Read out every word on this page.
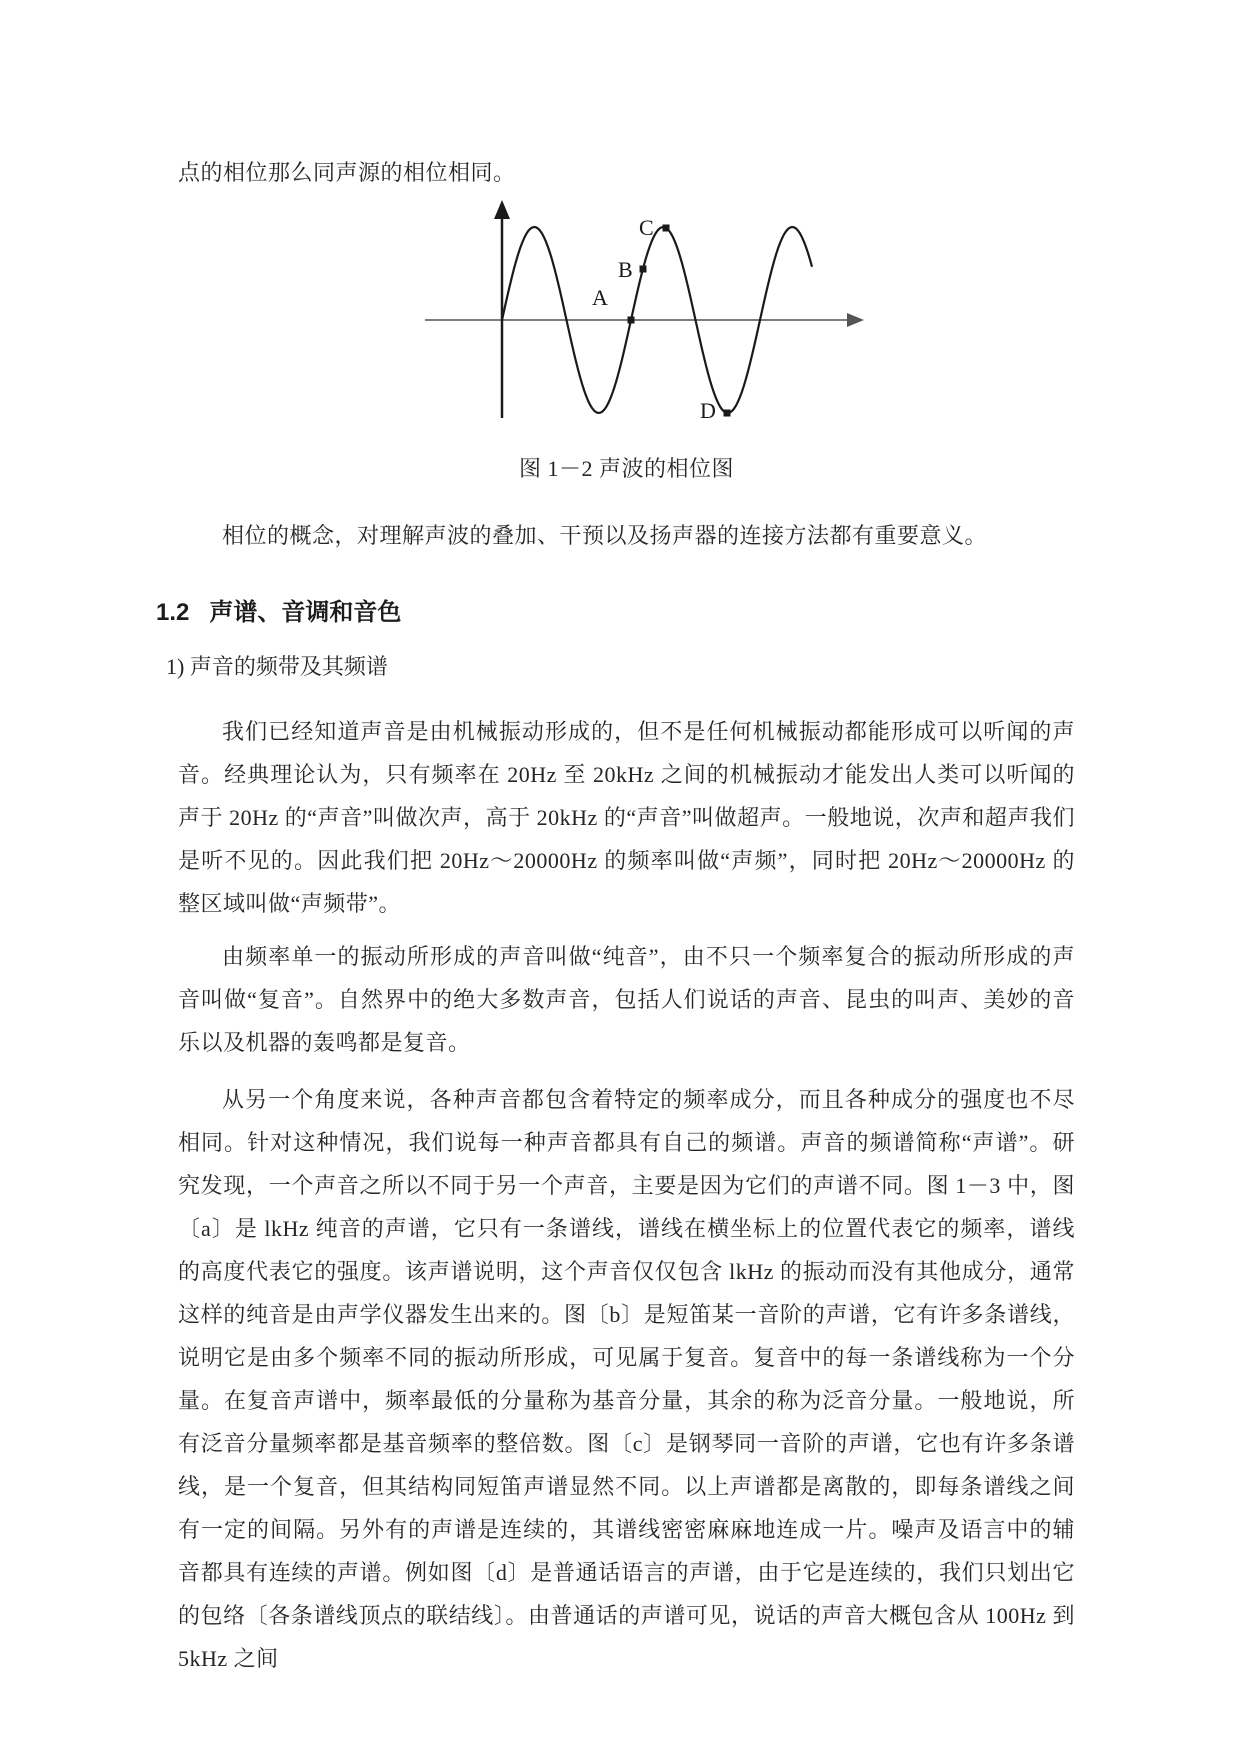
点的相位那么同声源的相位相同。
A
B
C
D
图 1－2 声波的相位图
相位的概念，对理解声波的叠加、干预以及扬声器的连接方法都有重要意义。
1.2 声谱、音调和音色
1) 声音的频带及其频谱
我们已经知道声音是由机械振动形成的，但不是任何机械振动都能形成可以听闻的声音。经典理论认为，只有频率在 20Hz 至 20kHz 之间的机械振动才能发出人类可以听闻的声于 20Hz 的“声音”叫做次声，高于 20kHz 的“声音”叫做超声。一般地说，次声和超声我们是听不见的。因此我们把 20Hz～20000Hz 的频率叫做“声频”，同时把 20Hz～20000Hz 的整区域叫做“声频带”。
由频率单一的振动所形成的声音叫做“纯音”，由不只一个频率复合的振动所形成的声音叫做“复音”。自然界中的绝大多数声音，包括人们说话的声音、昆虫的叫声、美妙的音乐以及机器的轰鸣都是复音。
从另一个角度来说，各种声音都包含着特定的频率成分，而且各种成分的强度也不尽相同。针对这种情况，我们说每一种声音都具有自己的频谱。声音的频谱简称“声谱”。研究发现，一个声音之所以不同于另一个声音，主要是因为它们的声谱不同。图 1－3 中，图〔a〕是 lkHz 纯音的声谱，它只有一条谱线，谱线在横坐标上的位置代表它的频率，谱线的高度代表它的强度。该声谱说明，这个声音仅仅包含 lkHz 的振动而没有其他成分，通常这样的纯音是由声学仪器发生出来的。图〔b〕是短笛某一音阶的声谱，它有许多条谱线，说明它是由多个频率不同的振动所形成，可见属于复音。复音中的每一条谱线称为一个分量。在复音声谱中，频率最低的分量称为基音分量，其余的称为泛音分量。一般地说，所有泛音分量频率都是基音频率的整倍数。图〔c〕是钢琴同一音阶的声谱，它也有许多条谱线，是一个复音，但其结构同短笛声谱显然不同。以上声谱都是离散的，即每条谱线之间有一定的间隔。另外有的声谱是连续的，其谱线密密麻麻地连成一片。噪声及语言中的辅音都具有连续的声谱。例如图〔d〕是普通话语言的声谱，由于它是连续的，我们只划出它的包络〔各条谱线顶点的联结线〕。由普通话的声谱可见，说话的声音大概包含从 100Hz 到 5kHz 之间
